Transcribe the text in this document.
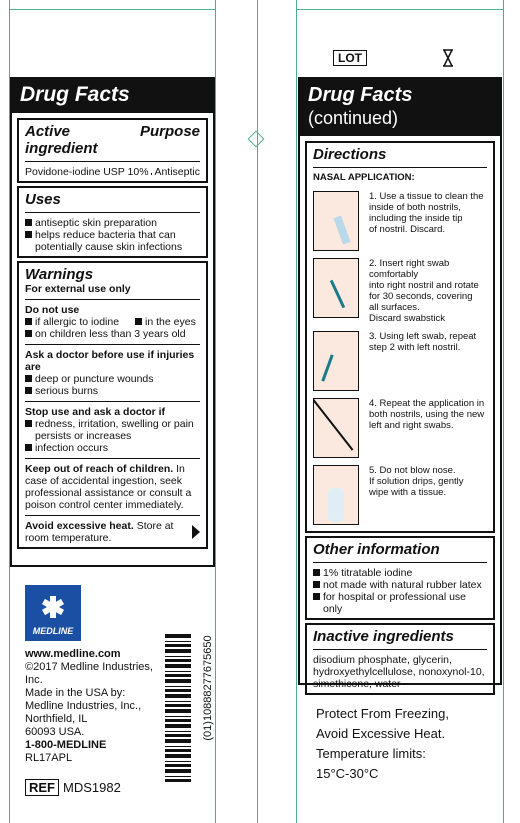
Drug Facts
Active ingredient
Purpose
Povidone-iodine USP 10% Antiseptic
Uses
antiseptic skin preparation
helps reduce bacteria that can potentially cause skin infections
Warnings
For external use only
Do not use
if allergic to iodine in the eyes
on children less than 3 years old
Ask a doctor before use if injuries are
deep or puncture wounds
serious burns
Stop use and ask a doctor if
redness, irritation, swelling or pain persists or increases
infection occurs
Keep out of reach of children. In case of accidental ingestion, seek professional assistance or consult a poison control center immediately.
Avoid excessive heat. Store at room temperature.
MEDLINE
www.medline.com
©2017 Medline Industries, Inc.
Made in the USA by:
Medline Industries, Inc.,
Northfield, IL
60093 USA.
1-800-MEDLINE
RL17APL
REF MDS1982
(01)10888277675650
LOT
Drug Facts (continued)
Directions
NASAL APPLICATION:
1. Use a tissue to clean the
inside of both nostrils,
including the inside tip
of nostril. Discard.
2. Insert right swab comfortably
into right nostril and rotate
for 30 seconds, covering
all surfaces.
Discard swabstick
3. Using left swab, repeat
step 2 with left nostril.
4. Repeat the application in
both nostrils, using the new
left and right swabs.
5. Do not blow nose.
If solution drips, gently
wipe with a tissue.
Other information
1% titratable iodine
not made with natural rubber latex
for hospital or professional use only
Inactive ingredients
disodium phosphate, glycerin, hydroxyethylcellulose, nonoxynol-10, simethicone, water
Protect From Freezing,
Avoid Excessive Heat.
Temperature limits:
15°C-30°C
